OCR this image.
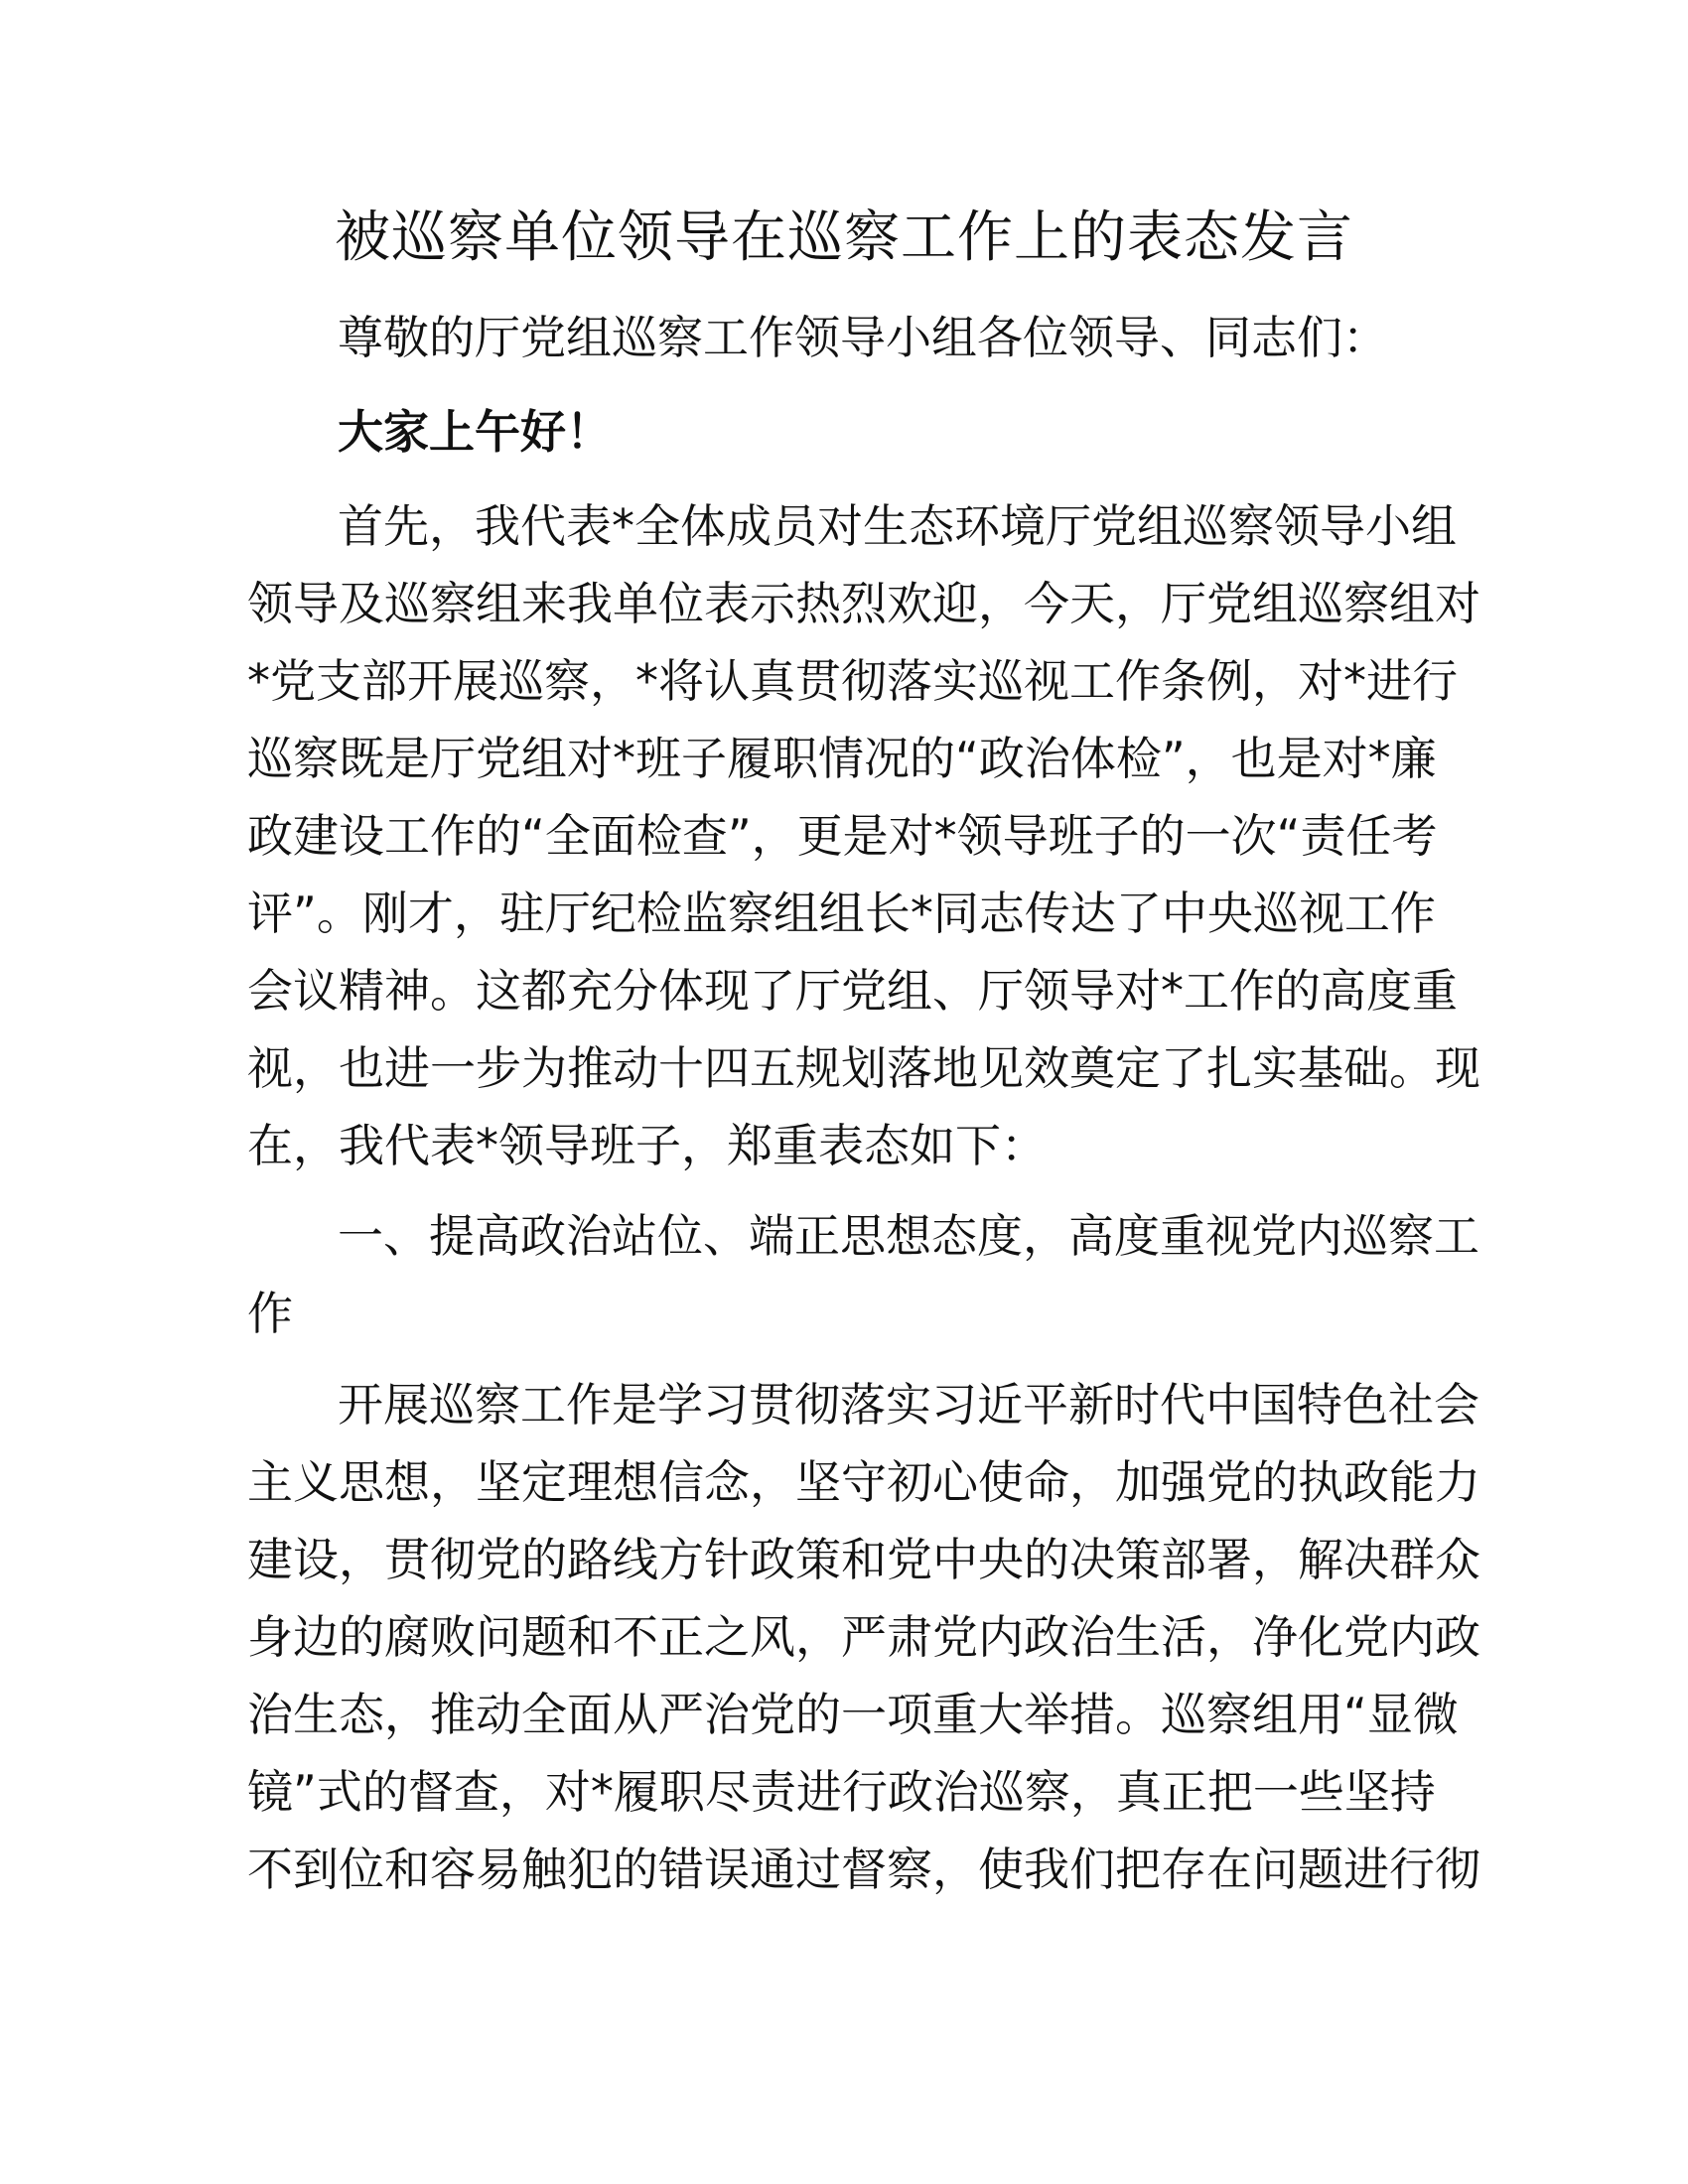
被巡察单位领导在巡察工作上的表态发言

尊敬的厅党组巡察工作领导小组各位领导、同志们：

大家上午好！

首先，我代表*全体成员对生态环境厅党组巡察领导小组

领导及巡察组来我单位表示热烈欢迎，今天，厅党组巡察组对

*党支部开展巡察，*将认真贯彻落实巡视工作条例，对*进行

巡察既是厅党组对*班子履职情况的“政治体检”，也是对*廉

政建设工作的“全面检查”，更是对*领导班子的一次“责任考

评”。刚才，驻厅纪检监察组组长*同志传达了中央巡视工作

会议精神。这都充分体现了厅党组、厅领导对*工作的高度重

视，也进一步为推动十四五规划落地见效奠定了扎实基础。现

在，我代表*领导班子，郑重表态如下：

一、提高政治站位、端正思想态度，高度重视党内巡察工

作

开展巡察工作是学习贯彻落实习近平新时代中国特色社会

主义思想，坚定理想信念，坚守初心使命，加强党的执政能力

建设，贯彻党的路线方针政策和党中央的决策部署，解决群众

身边的腐败问题和不正之风，严肃党内政治生活，净化党内政

治生态，推动全面从严治党的一项重大举措。巡察组用“显微

镜”式的督查，对*履职尽责进行政治巡察，真正把一些坚持

不到位和容易触犯的错误通过督察，使我们把存在问题进行彻
